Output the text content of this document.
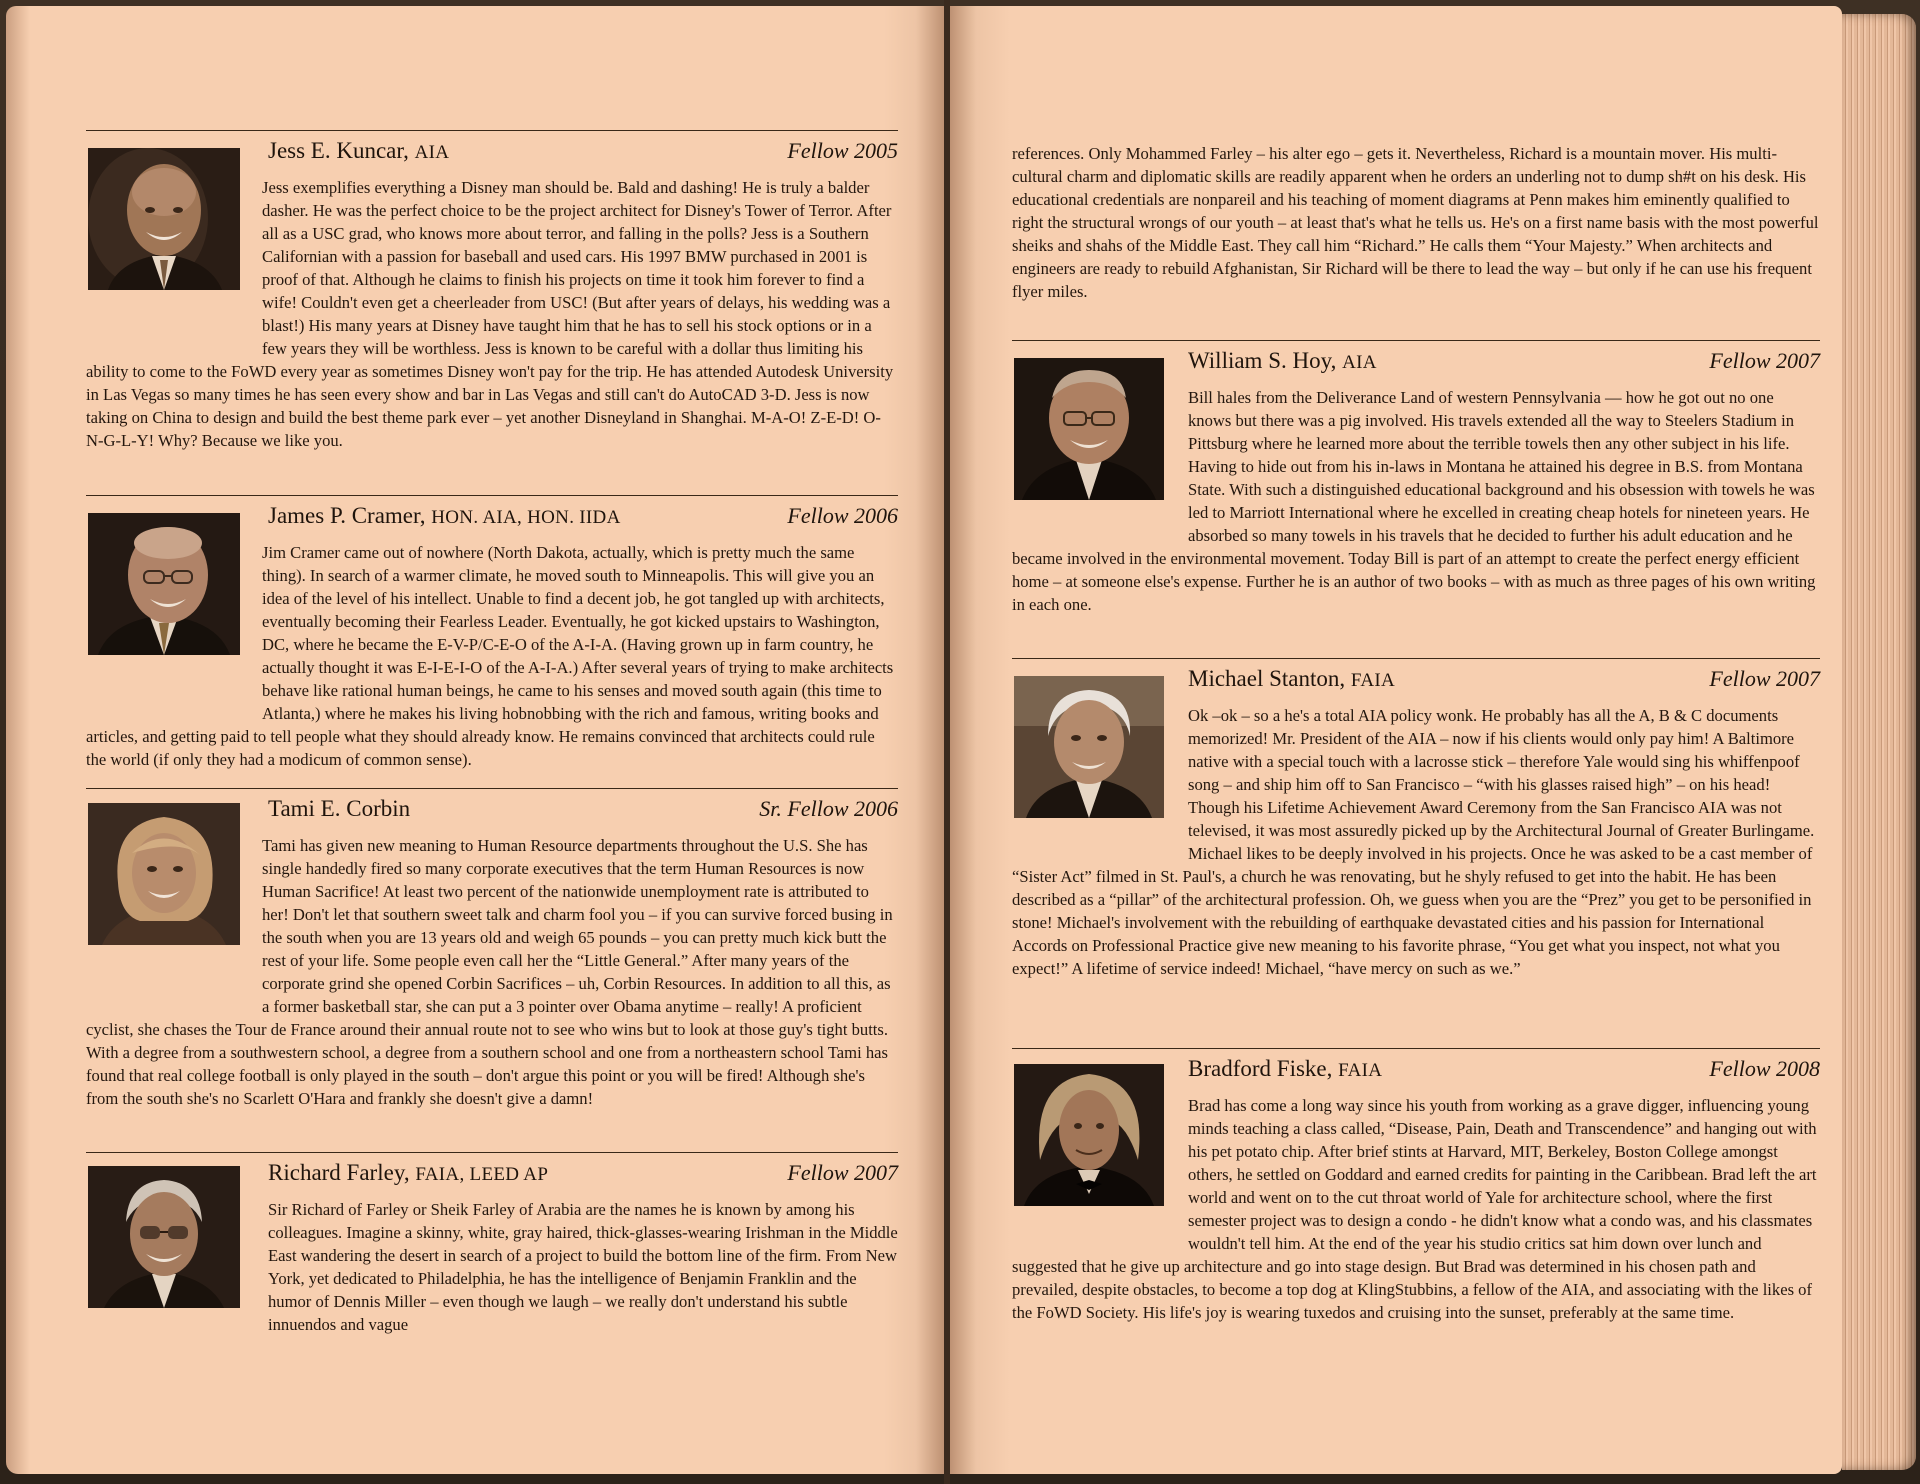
Jess E. Kuncar, AIA	Fellow 2005

Jess exemplifies everything a Disney man should be. Bald and dashing! He is truly a balder dasher. He was the perfect choice to be the project architect for Disney's Tower of Terror. After all as a USC grad, who knows more about terror, and falling in the polls? Jess is a Southern Californian with a passion for baseball and used cars. His 1997 BMW purchased in 2001 is proof of that. Although he claims to finish his projects on time it took him forever to find a wife! Couldn't even get a cheerleader from USC! (But after years of delays, his wedding was a blast!) His many years at Disney have taught him that he has to sell his stock options or in a few years they will be worthless. Jess is known to be careful with a dollar thus limiting his ability to come to the FoWD every year as sometimes Disney won't pay for the trip. He has attended Autodesk University in Las Vegas so many times he has seen every show and bar in Las Vegas and still can't do AutoCAD 3-D. Jess is now taking on China to design and build the best theme park ever – yet another Disneyland in Shanghai. M-A-O! Z-E-D! O-N-G-L-Y! Why? Because we like you.

James P. Cramer, HON. AIA, HON. IIDA	Fellow 2006

Jim Cramer came out of nowhere (North Dakota, actually, which is pretty much the same thing). In search of a warmer climate, he moved south to Minneapolis. This will give you an idea of the level of his intellect. Unable to find a decent job, he got tangled up with architects, eventually becoming their Fearless Leader. Eventually, he got kicked upstairs to Washington, DC, where he became the E-V-P/C-E-O of the A-I-A. (Having grown up in farm country, he actually thought it was E-I-E-I-O of the A-I-A.) After several years of trying to make architects behave like rational human beings, he came to his senses and moved south again (this time to Atlanta,) where he makes his living hobnobbing with the rich and famous, writing books and articles, and getting paid to tell people what they should already know. He remains convinced that architects could rule the world (if only they had a modicum of common sense).

Tami E. Corbin	Sr. Fellow 2006

Tami has given new meaning to Human Resource departments throughout the U.S. She has single handedly fired so many corporate executives that the term Human Resources is now Human Sacrifice! At least two percent of the nationwide unemployment rate is attributed to her! Don't let that southern sweet talk and charm fool you – if you can survive forced busing in the south when you are 13 years old and weigh 65 pounds – you can pretty much kick butt the rest of your life. Some people even call her the “Little General.” After many years of the corporate grind she opened Corbin Sacrifices – uh, Corbin Resources. In addition to all this, as a former basketball star, she can put a 3 pointer over Obama anytime – really! A proficient cyclist, she chases the Tour de France around their annual route not to see who wins but to look at those guy's tight butts. With a degree from a southwestern school, a degree from a southern school and one from a northeastern school Tami has found that real college football is only played in the south – don't argue this point or you will be fired! Although she's from the south she's no Scarlett O'Hara and frankly she doesn't give a damn!

Richard Farley, FAIA, LEED AP	Fellow 2007

Sir Richard of Farley or Sheik Farley of Arabia are the names he is known by among his colleagues. Imagine a skinny, white, gray haired, thick-glasses-wearing Irishman in the Middle East wandering the desert in search of a project to build the bottom line of the firm. From New York, yet dedicated to Philadelphia, he has the intelligence of Benjamin Franklin and the humor of Dennis Miller – even though we laugh – we really don't understand his subtle innuendos and vague

references. Only Mohammed Farley – his alter ego – gets it. Nevertheless, Richard is a mountain mover. His multi-cultural charm and diplomatic skills are readily apparent when he orders an underling not to dump sh#t on his desk. His educational credentials are nonpareil and his teaching of moment diagrams at Penn makes him eminently qualified to right the structural wrongs of our youth – at least that's what he tells us. He's on a first name basis with the most powerful sheiks and shahs of the Middle East. They call him “Richard.” He calls them “Your Majesty.” When architects and engineers are ready to rebuild Afghanistan, Sir Richard will be there to lead the way – but only if he can use his frequent flyer miles.

William S. Hoy, AIA	Fellow 2007

Bill hales from the Deliverance Land of western Pennsylvania — how he got out no one knows but there was a pig involved. His travels extended all the way to Steelers Stadium in Pittsburg where he learned more about the terrible towels then any other subject in his life. Having to hide out from his in-laws in Montana he attained his degree in B.S. from Montana State. With such a distinguished educational background and his obsession with towels he was led to Marriott International where he excelled in creating cheap hotels for nineteen years. He absorbed so many towels in his travels that he decided to further his adult education and he became involved in the environmental movement. Today Bill is part of an attempt to create the perfect energy efficient home – at someone else's expense. Further he is an author of two books – with as much as three pages of his own writing in each one.

Michael Stanton, FAIA	Fellow 2007

Ok –ok – so a he's a total AIA policy wonk. He probably has all the A, B & C documents memorized! Mr. President of the AIA – now if his clients would only pay him! A Baltimore native with a special touch with a lacrosse stick – therefore Yale would sing his whiffenpoof song – and ship him off to San Francisco – “with his glasses raised high” – on his head! Though his Lifetime Achievement Award Ceremony from the San Francisco AIA was not televised, it was most assuredly picked up by the Architectural Journal of Greater Burlingame. Michael likes to be deeply involved in his projects. Once he was asked to be a cast member of “Sister Act” filmed in St. Paul's, a church he was renovating, but he shyly refused to get into the habit. He has been described as a “pillar” of the architectural profession. Oh, we guess when you are the “Prez” you get to be personified in stone! Michael's involvement with the rebuilding of earthquake devastated cities and his passion for International Accords on Professional Practice give new meaning to his favorite phrase, “You get what you inspect, not what you expect!” A lifetime of service indeed! Michael, “have mercy on such as we.”

Bradford Fiske, FAIA	Fellow 2008

Brad has come a long way since his youth from working as a grave digger, influencing young minds teaching a class called, “Disease, Pain, Death and Transcendence” and hanging out with his pet potato chip. After brief stints at Harvard, MIT, Berkeley, Boston College amongst others, he settled on Goddard and earned credits for painting in the Caribbean. Brad left the art world and went on to the cut throat world of Yale for architecture school, where the first semester project was to design a condo - he didn't know what a condo was, and his classmates wouldn't tell him. At the end of the year his studio critics sat him down over lunch and suggested that he give up architecture and go into stage design. But Brad was determined in his chosen path and prevailed, despite obstacles, to become a top dog at KlingStubbins, a fellow of the AIA, and associating with the likes of the FoWD Society. His life's joy is wearing tuxedos and cruising into the sunset, preferably at the same time.
